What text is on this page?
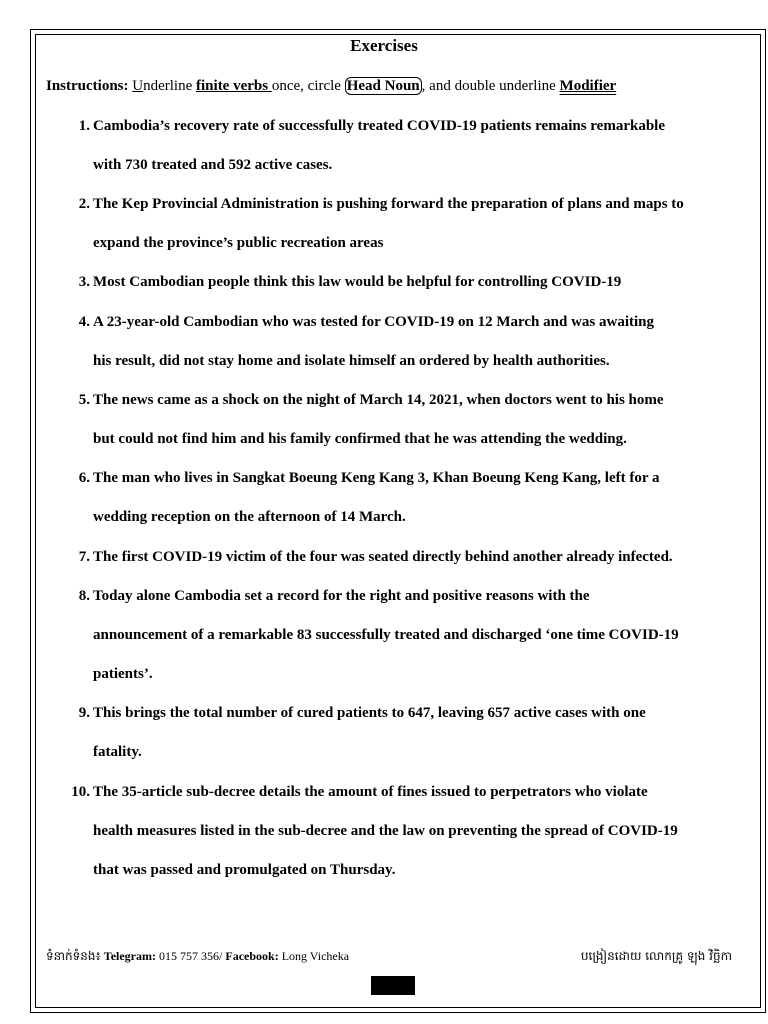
Exercises
Instructions: Underline finite verbs once, circle Head Noun , and double underline Modifier
1. Cambodia’s recovery rate of successfully treated COVID-19 patients remains remarkable
with 730 treated and 592 active cases.
2. The Kep Provincial Administration is pushing forward the preparation of plans and maps to
expand the province’s public recreation areas
3. Most Cambodian people think this law would be helpful for controlling COVID-19
4. A 23-year-old Cambodian who was tested for COVID-19 on 12 March and was awaiting
his result, did not stay home and isolate himself an ordered by health authorities.
5. The news came as a shock on the night of March 14, 2021, when doctors went to his home
but could not find him and his family confirmed that he was attending the wedding.
6. The man who lives in Sangkat Boeung Keng Kang 3, Khan Boeung Keng Kang, left for a
wedding reception on the afternoon of 14 March.
7. The first COVID-19 victim of the four was seated directly behind another already infected.
8. Today alone Cambodia set a record for the right and positive reasons with the
announcement of a remarkable 83 successfully treated and discharged ‘one time COVID-19
patients’.
9. This brings the total number of cured patients to 647, leaving 657 active cases with one
fatality.
10. The 35-article sub-decree details the amount of fines issued to perpetrators who violate
health measures listed in the sub-decree and the law on preventing the spread of COVID-19
that was passed and promulgated on Thursday.
ទំនាក់ទំនង៖ Telegram: 015 757 356/ Facebook: Long Vicheka	បង្រៀនដោយ លោកគ្រូ ឡុង វិច្ឆិកា
